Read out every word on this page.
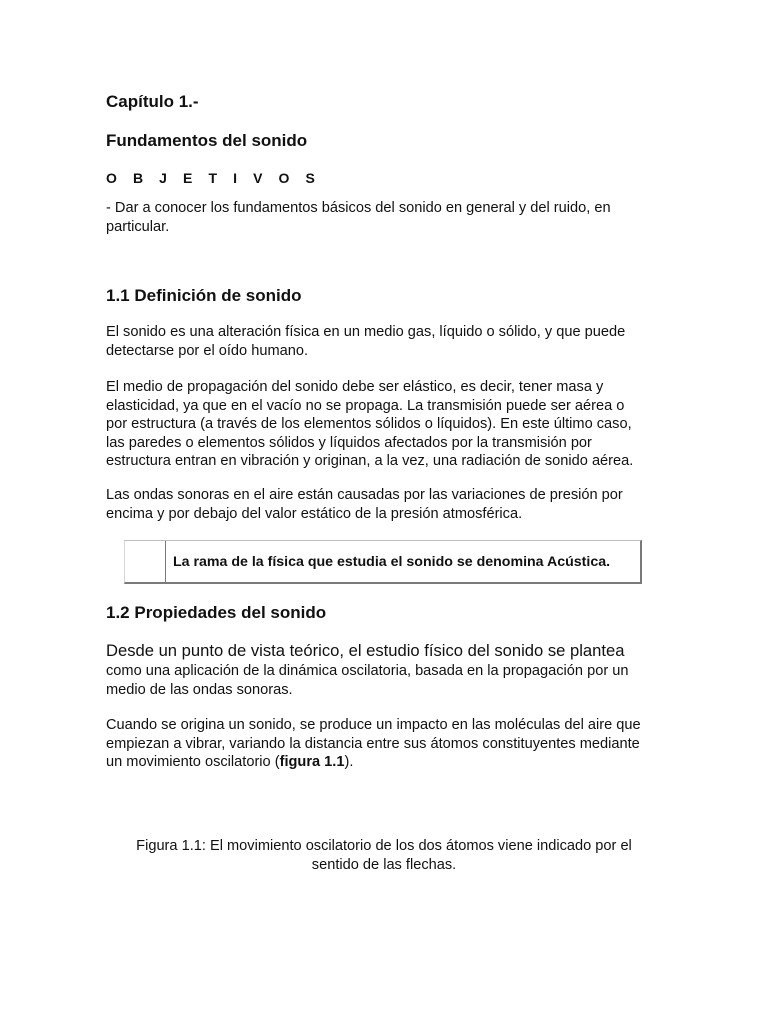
Capítulo 1.-
Fundamentos del sonido
O B J E T I V O S
- Dar a conocer los fundamentos básicos del sonido en general y del ruido, en
particular.
1.1 Definición de sonido
El sonido es una alteración física en un medio gas, líquido o sólido, y que puede
detectarse por el oído humano.
El medio de propagación del sonido debe ser elástico, es decir, tener masa y
elasticidad, ya que en el vacío no se propaga. La transmisión puede ser aérea o
por estructura (a través de los elementos sólidos o líquidos). En este último caso,
las paredes o elementos sólidos y líquidos afectados por la transmisión por
estructura entran en vibración y originan, a la vez, una radiación de sonido aérea.
Las ondas sonoras en el aire están causadas por las variaciones de presión por
encima y por debajo del valor estático de la presión atmosférica.
La rama de la física que estudia el sonido se denomina Acústica.
1.2 Propiedades del sonido
Desde un punto de vista teórico, el estudio físico del sonido se plantea
como una aplicación de la dinámica oscilatoria, basada en la propagación por un
medio de las ondas sonoras.
Cuando se origina un sonido, se produce un impacto en las moléculas del aire que
empiezan a vibrar, variando la distancia entre sus átomos constituyentes mediante
un movimiento oscilatorio (figura 1.1).
Figura 1.1: El movimiento oscilatorio de los dos átomos viene indicado por el
sentido de las flechas.
